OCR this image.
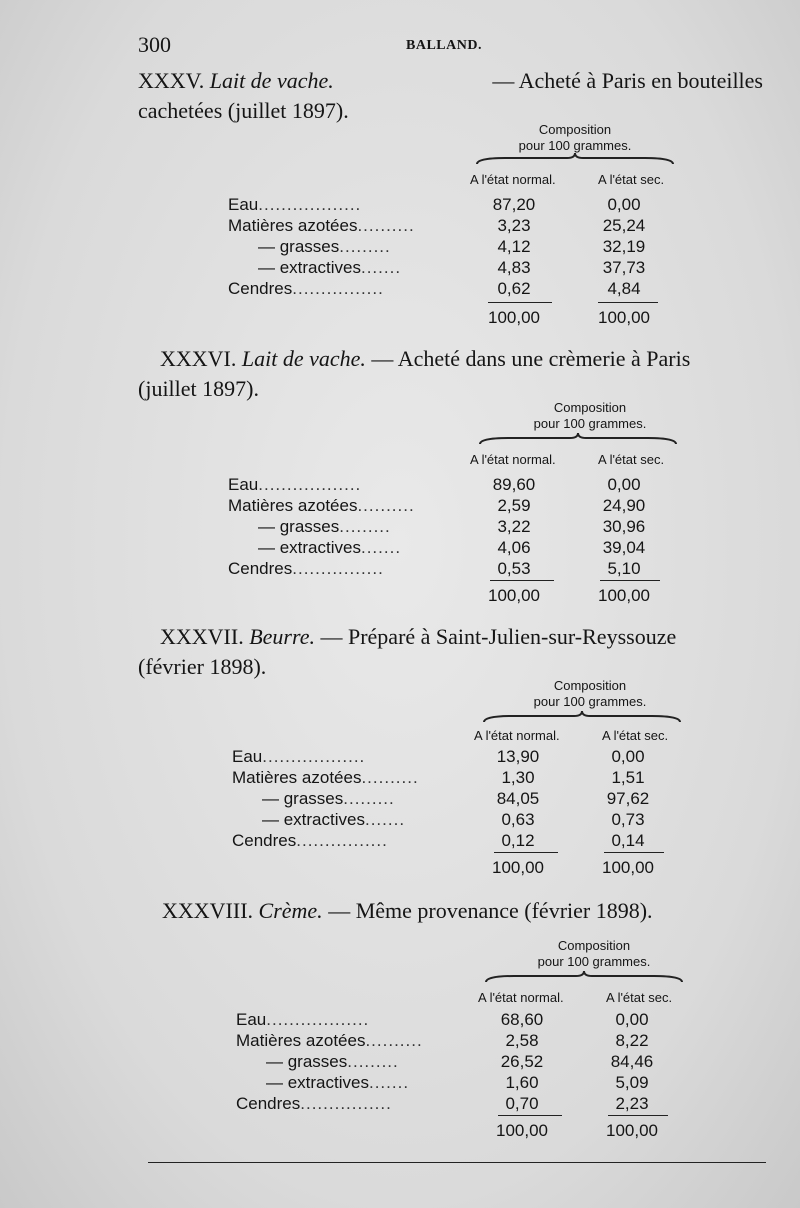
300	BALLAND.
XXXV. Lait de vache.	— Acheté à Paris en bouteilles
cachetées (juillet 1897).
Composition
pour 100 grammes.
A l'état normal.	A l'état sec.
Eau..................	87,20	0,00
Matières azotées..........	3,23	25,24
— grasses.........	4,12	32,19
— extractives.......	4,83	37,73
Cendres................	0,62	4,84
100,00	100,00
XXXVI.
Lait de vache.
— Acheté dans une crèmerie à Paris
(juillet 1897).
Composition
pour 100 grammes.
A l'état normal.	A l'état sec.
Eau..................	89,60	0,00
Matières azotées..........	2,59	24,90
— grasses.........	3,22	30,96
— extractives.......	4,06	39,04
Cendres................	0,53	5,10
100,00	100,00
XXXVII.
Beurre.
— Préparé à Saint-Julien-sur-Reyssouze
(février 1898).
Composition
pour 100 grammes.
A l'état normal.	A l'état sec.
Eau..................	13,90	0,00
Matières azotées..........	1,30	1,51
— grasses.........	84,05	97,62
— extractives.......	0,63	0,73
Cendres................	0,12	0,14
100,00	100,00
XXXVIII.
Crème.
— Même provenance (février 1898).
Composition
pour 100 grammes.
A l'état normal.	A l'état sec.
Eau..................	68,60	0,00
Matières azotées..........	2,58	8,22
— grasses.........	26,52	84,46
— extractives.......	1,60	5,09
Cendres................	0,70	2,23
100,00	100,00
